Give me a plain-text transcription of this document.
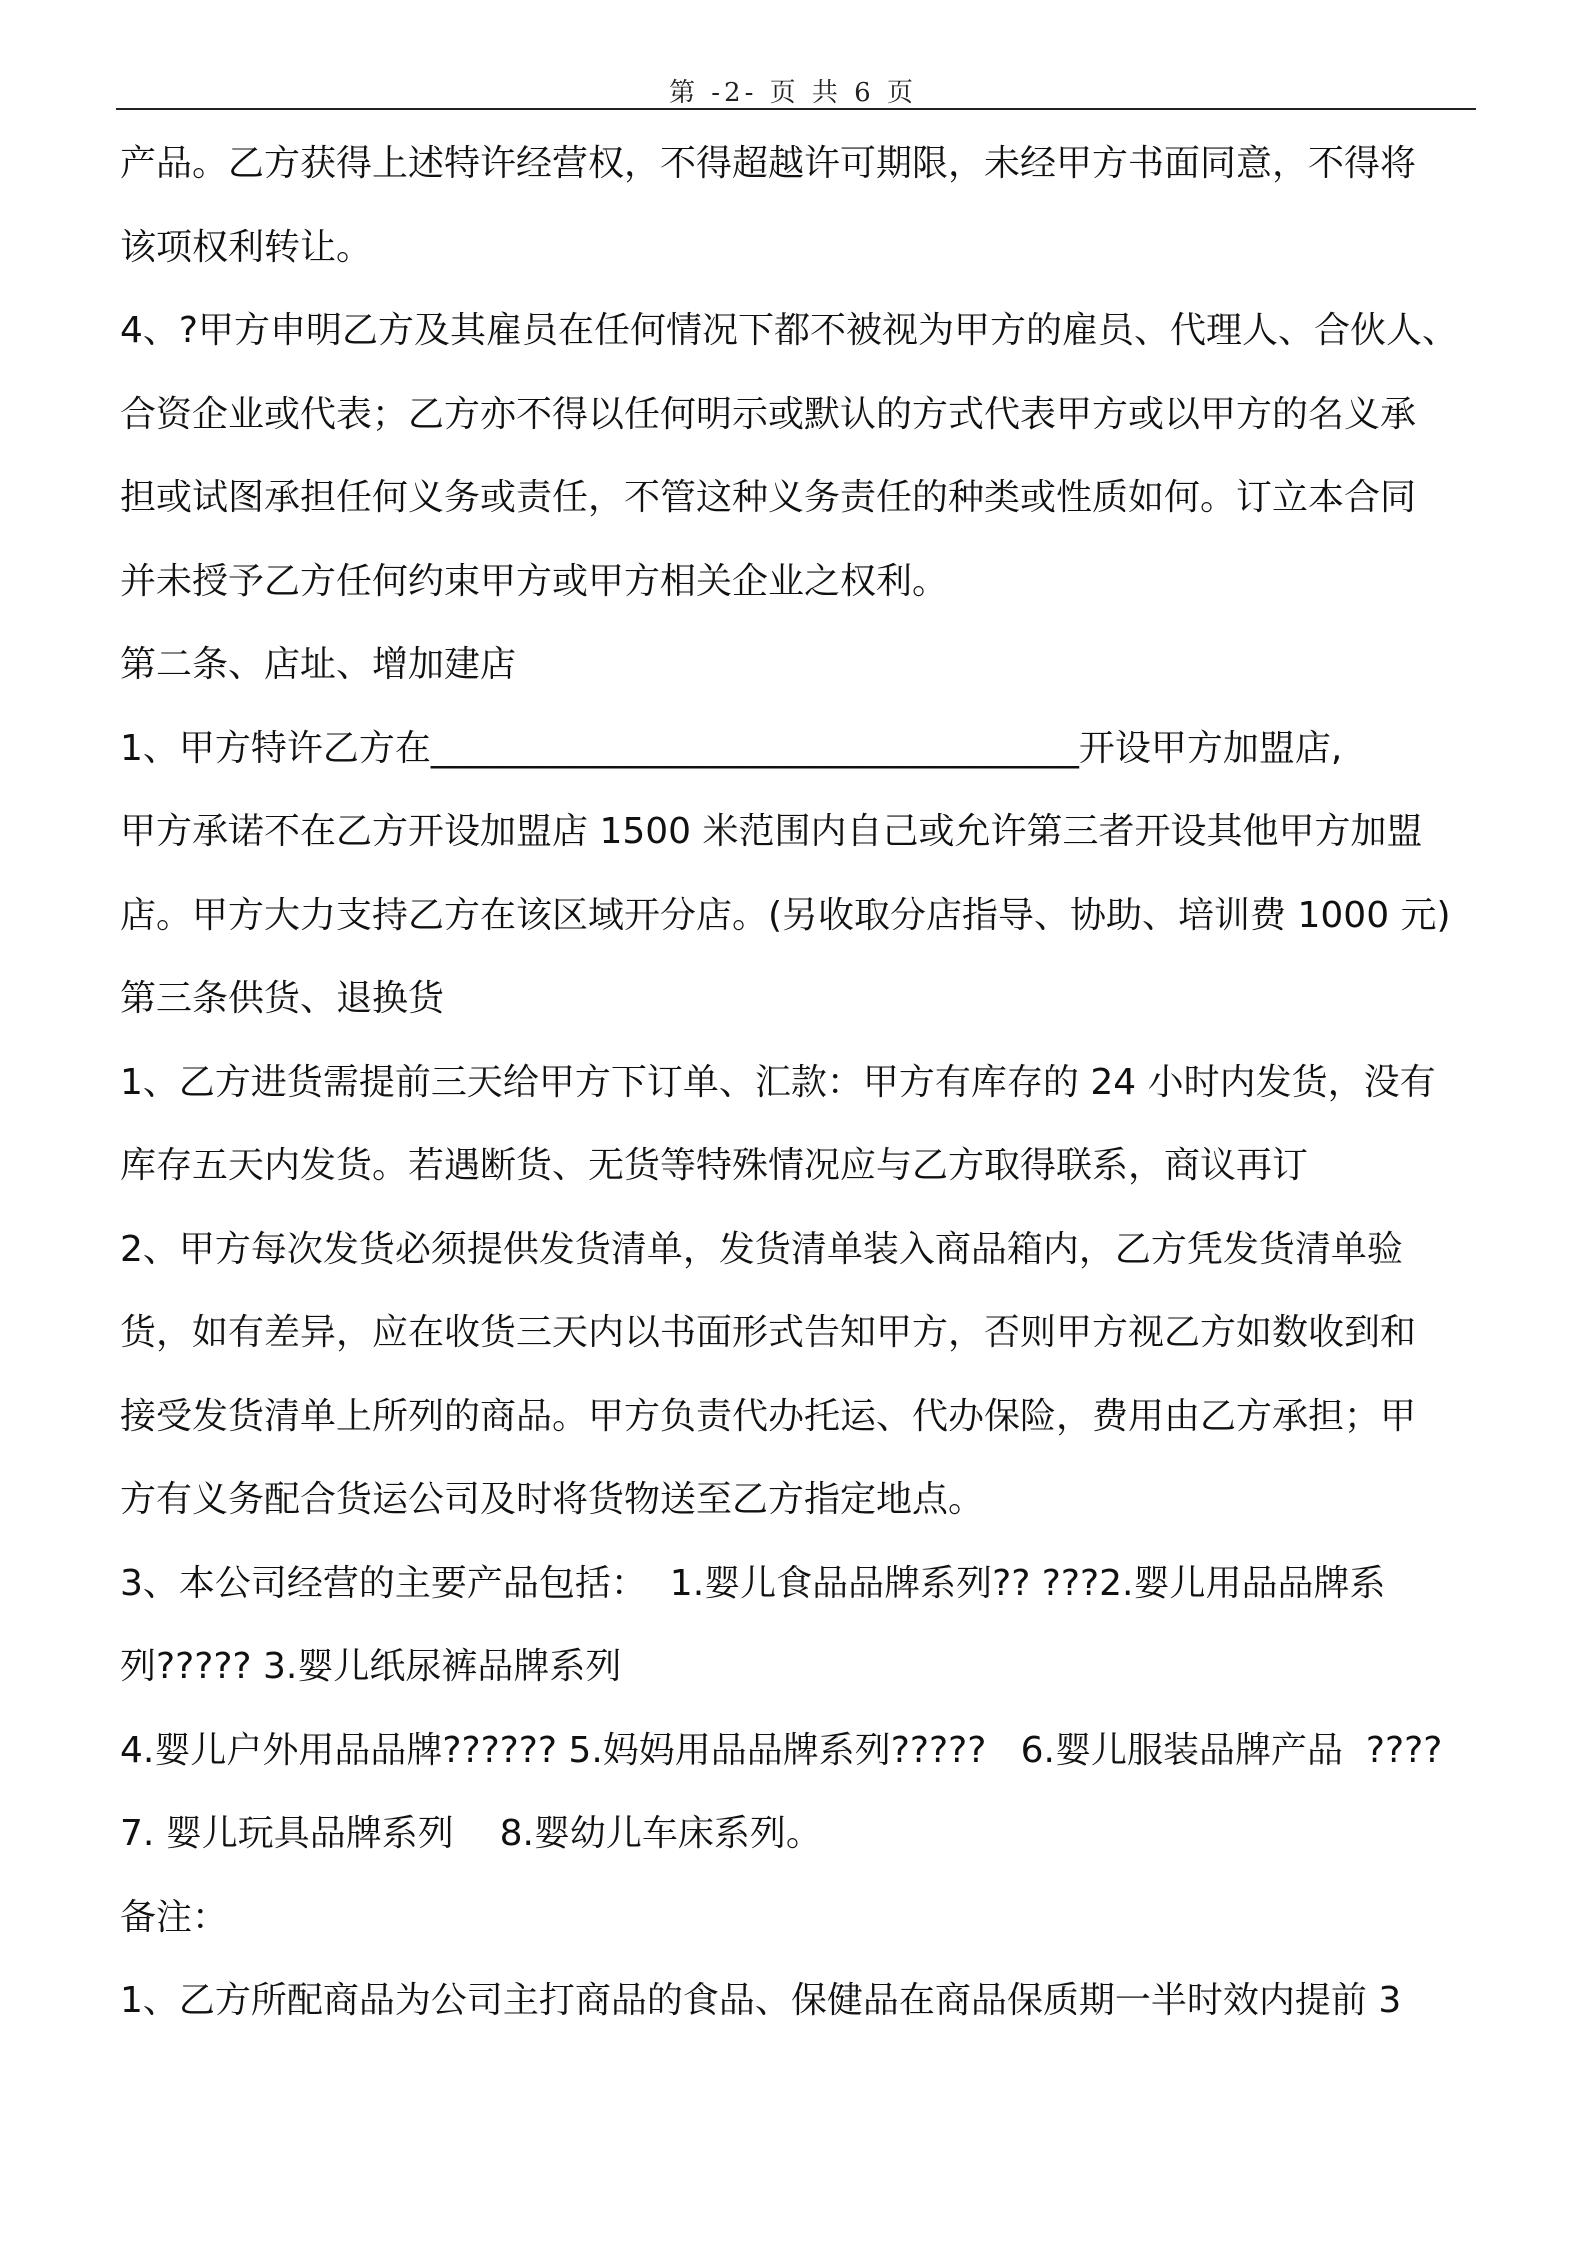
第 -2- 页 共 6 页
产品。乙方获得上述特许经营权，不得超越许可期限，未经甲方书面同意，不得将
该项权利转让。
4、?甲方申明乙方及其雇员在任何情况下都不被视为甲方的雇员、代理人、合伙人、
合资企业或代表；乙方亦不得以任何明示或默认的方式代表甲方或以甲方的名义承
担或试图承担任何义务或责任，不管这种义务责任的种类或性质如何。订立本合同
并未授予乙方任何约束甲方或甲方相关企业之权利。
第二条、店址、增加建店
1、甲方特许乙方在____________________________________开设甲方加盟店,
甲方承诺不在乙方开设加盟店 1500 米范围内自己或允许第三者开设其他甲方加盟
店。甲方大力支持乙方在该区域开分店。(另收取分店指导、协助、培训费 1000 元)
第三条供货、退换货
1、乙方进货需提前三天给甲方下订单、汇款：甲方有库存的 24 小时内发货，没有
库存五天内发货。若遇断货、无货等特殊情况应与乙方取得联系，商议再订
2、甲方每次发货必须提供发货清单，发货清单装入商品箱内，乙方凭发货清单验
货，如有差异，应在收货三天内以书面形式告知甲方，否则甲方视乙方如数收到和
接受发货清单上所列的商品。甲方负责代办托运、代办保险，费用由乙方承担；甲
方有义务配合货运公司及时将货物送至乙方指定地点。
3、本公司经营的主要产品包括：  1.婴儿食品品牌系列?? ???2.婴儿用品品牌系
列????? 3.婴儿纸尿裤品牌系列
4.婴儿户外用品品牌?????? 5.妈妈用品品牌系列?????   6.婴儿服装品牌产品  ????
7. 婴儿玩具品牌系列    8.婴幼儿车床系列。
备注：
1、乙方所配商品为公司主打商品的食品、保健品在商品保质期一半时效内提前 3
